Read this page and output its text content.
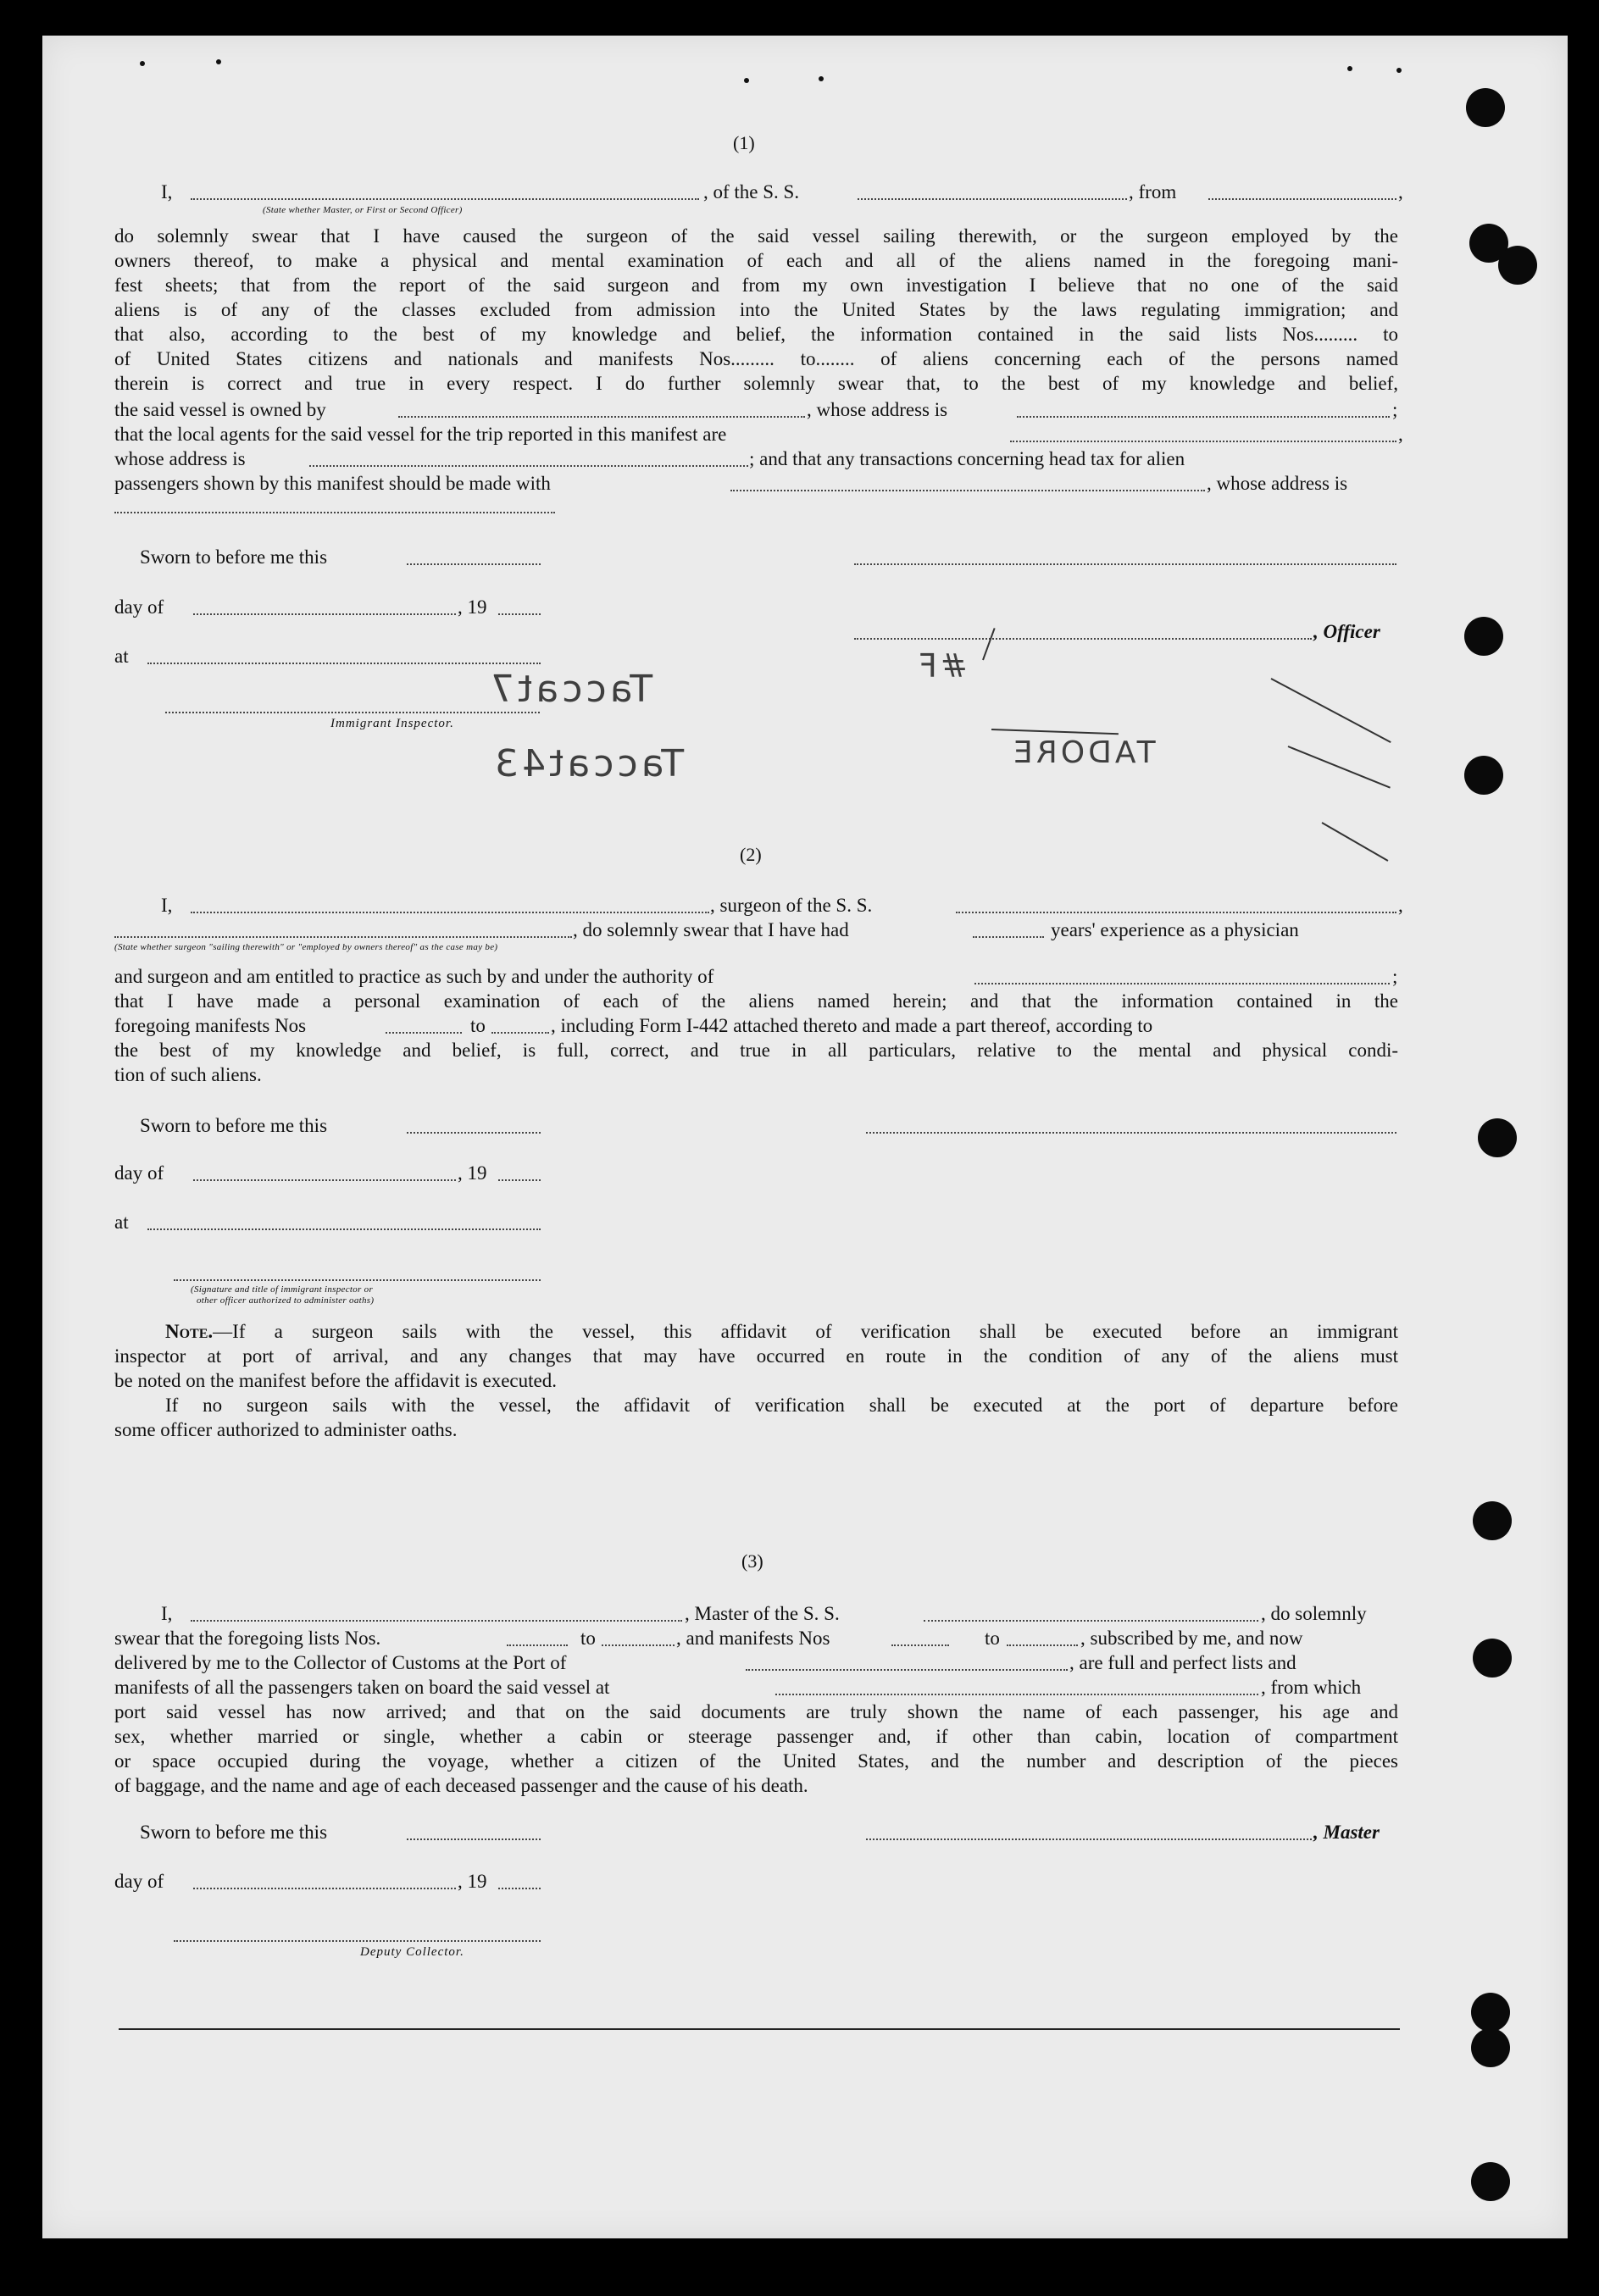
(1)
I,	, of the S. S.	, from	,
(State whether Master, or First or Second Officer)
do solemnly swear that I have caused the surgeon of the said vessel sailing therewith, or the surgeon employed by the
owners thereof, to make a physical and mental examination of each and all of the aliens named in the foregoing mani-
fest sheets; that from the report of the said surgeon and from my own investigation I believe that no one of the said
aliens is of any of the classes excluded from admission into the United States by the laws regulating immigration; and
that also, according to the best of my knowledge and belief, the information contained in the said lists Nos......... to
of United States citizens and nationals and manifests Nos......... to........ of aliens concerning each of the persons named
therein is correct and true in every respect. I do further solemnly swear that, to the best of my knowledge and belief,
the said vessel is owned by	, whose address is	;
that the local agents for the said vessel for the trip reported in this manifest are	,
whose address is	; and that any transactions concerning head tax for alien
passengers shown by this manifest should be made with	, whose address is
Sworn to before me this
day of	, 19
at
, Officer
Immigrant Inspector.
Taccat7
Taccat43
#F
TADORE
(2)
I,	, surgeon of the S. S.	,
, do solemnly swear that I have had	years' experience as a physician
(State whether surgeon "sailing therewith" or "employed by owners thereof" as the case may be)
and surgeon and am entitled to practice as such by and under the authority of	;
that I have made a personal examination of each of the aliens named herein; and that the information contained in the
foregoing manifests Nos	to	, including Form I-442 attached thereto and made a part thereof, according to
the best of my knowledge and belief, is full, correct, and true in all particulars, relative to the mental and physical condi-
tion of such aliens.
Sworn to before me this
day of	, 19
at
(Signature and title of immigrant inspector or
other officer authorized to administer oaths)
Note.—If a surgeon sails with the vessel, this affidavit of verification shall be executed before an immigrant
inspector at port of arrival, and any changes that may have occurred en route in the condition of any of the aliens must
be noted on the manifest before the affidavit is executed.
If no surgeon sails with the vessel, the affidavit of verification shall be executed at the port of departure before
some officer authorized to administer oaths.
(3)
I,	, Master of the S. S.	, do solemnly
swear that the foregoing lists Nos.	to	, and manifests Nos	to	, subscribed by me, and now
delivered by me to the Collector of Customs at the Port of	, are full and perfect lists and
manifests of all the passengers taken on board the said vessel at	, from which
port said vessel has now arrived; and that on the said documents are truly shown the name of each passenger, his age and
sex, whether married or single, whether a cabin or steerage passenger and, if other than cabin, location of compartment
or space occupied during the voyage, whether a citizen of the United States, and the number and description of the pieces
of baggage, and the name and age of each deceased passenger and the cause of his death.
Sworn to before me this	, Master
day of	, 19
Deputy Collector.
